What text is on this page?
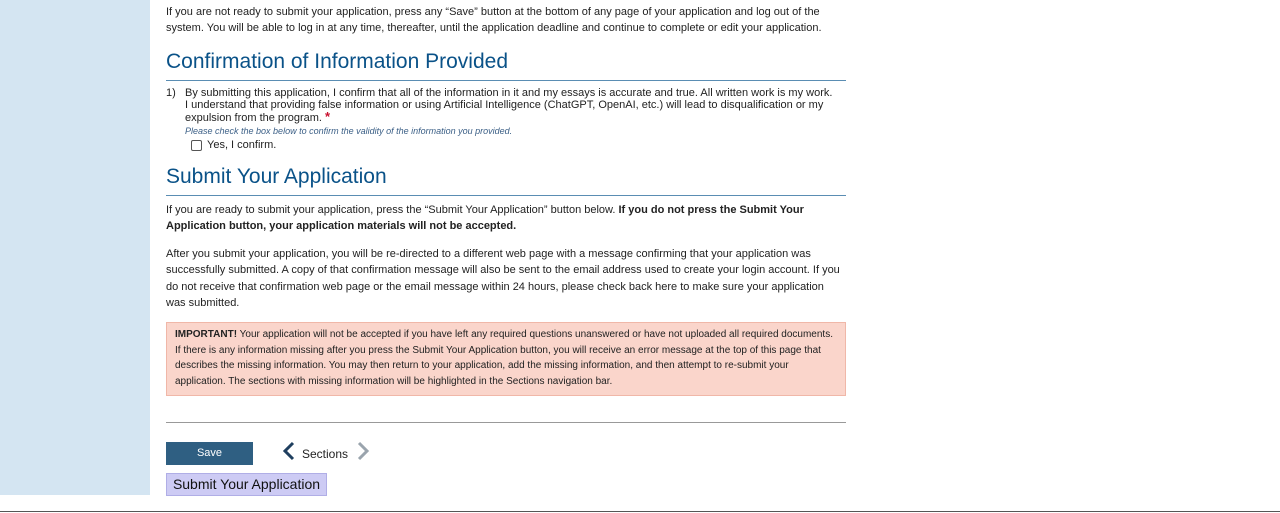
If you are not ready to submit your application, press any “Save” button at the bottom of any page of your application and log out of the system. You will be able to log in at any time, thereafter, until the application deadline and continue to complete or edit your application.

Confirmation of Information Provided
1) By submitting this application, I confirm that all of the information in it and my essays is accurate and true. All written work is my work. I understand that providing false information or using Artificial Intelligence (ChatGPT, OpenAI, etc.) will lead to disqualification or my expulsion from the program. *

Please check the box below to confirm the validity of the information you provided.
Yes, I confirm.
Submit Your Application

If you are ready to submit your application, press the “Submit Your Application” button below. If you do not press the Submit Your Application button, your application materials will not be accepted.

After you submit your application, you will be re-directed to a different web page with a message confirming that your application was successfully submitted. A copy of that confirmation message will also be sent to the email address used to create your login account. If you do not receive that confirmation web page or the email message within 24 hours, please check back here to make sure your application was submitted.

IMPORTANT! Your application will not be accepted if you have left any required questions unanswered or have not uploaded all required documents. If there is any information missing after you press the Submit Your Application button, you will receive an error message at the top of this page that describes the missing information. You may then return to your application, add the missing information, and then attempt to re-submit your application. The sections with missing information will be highlighted in the Sections navigation bar.

Save	Sections
Submit Your Application
